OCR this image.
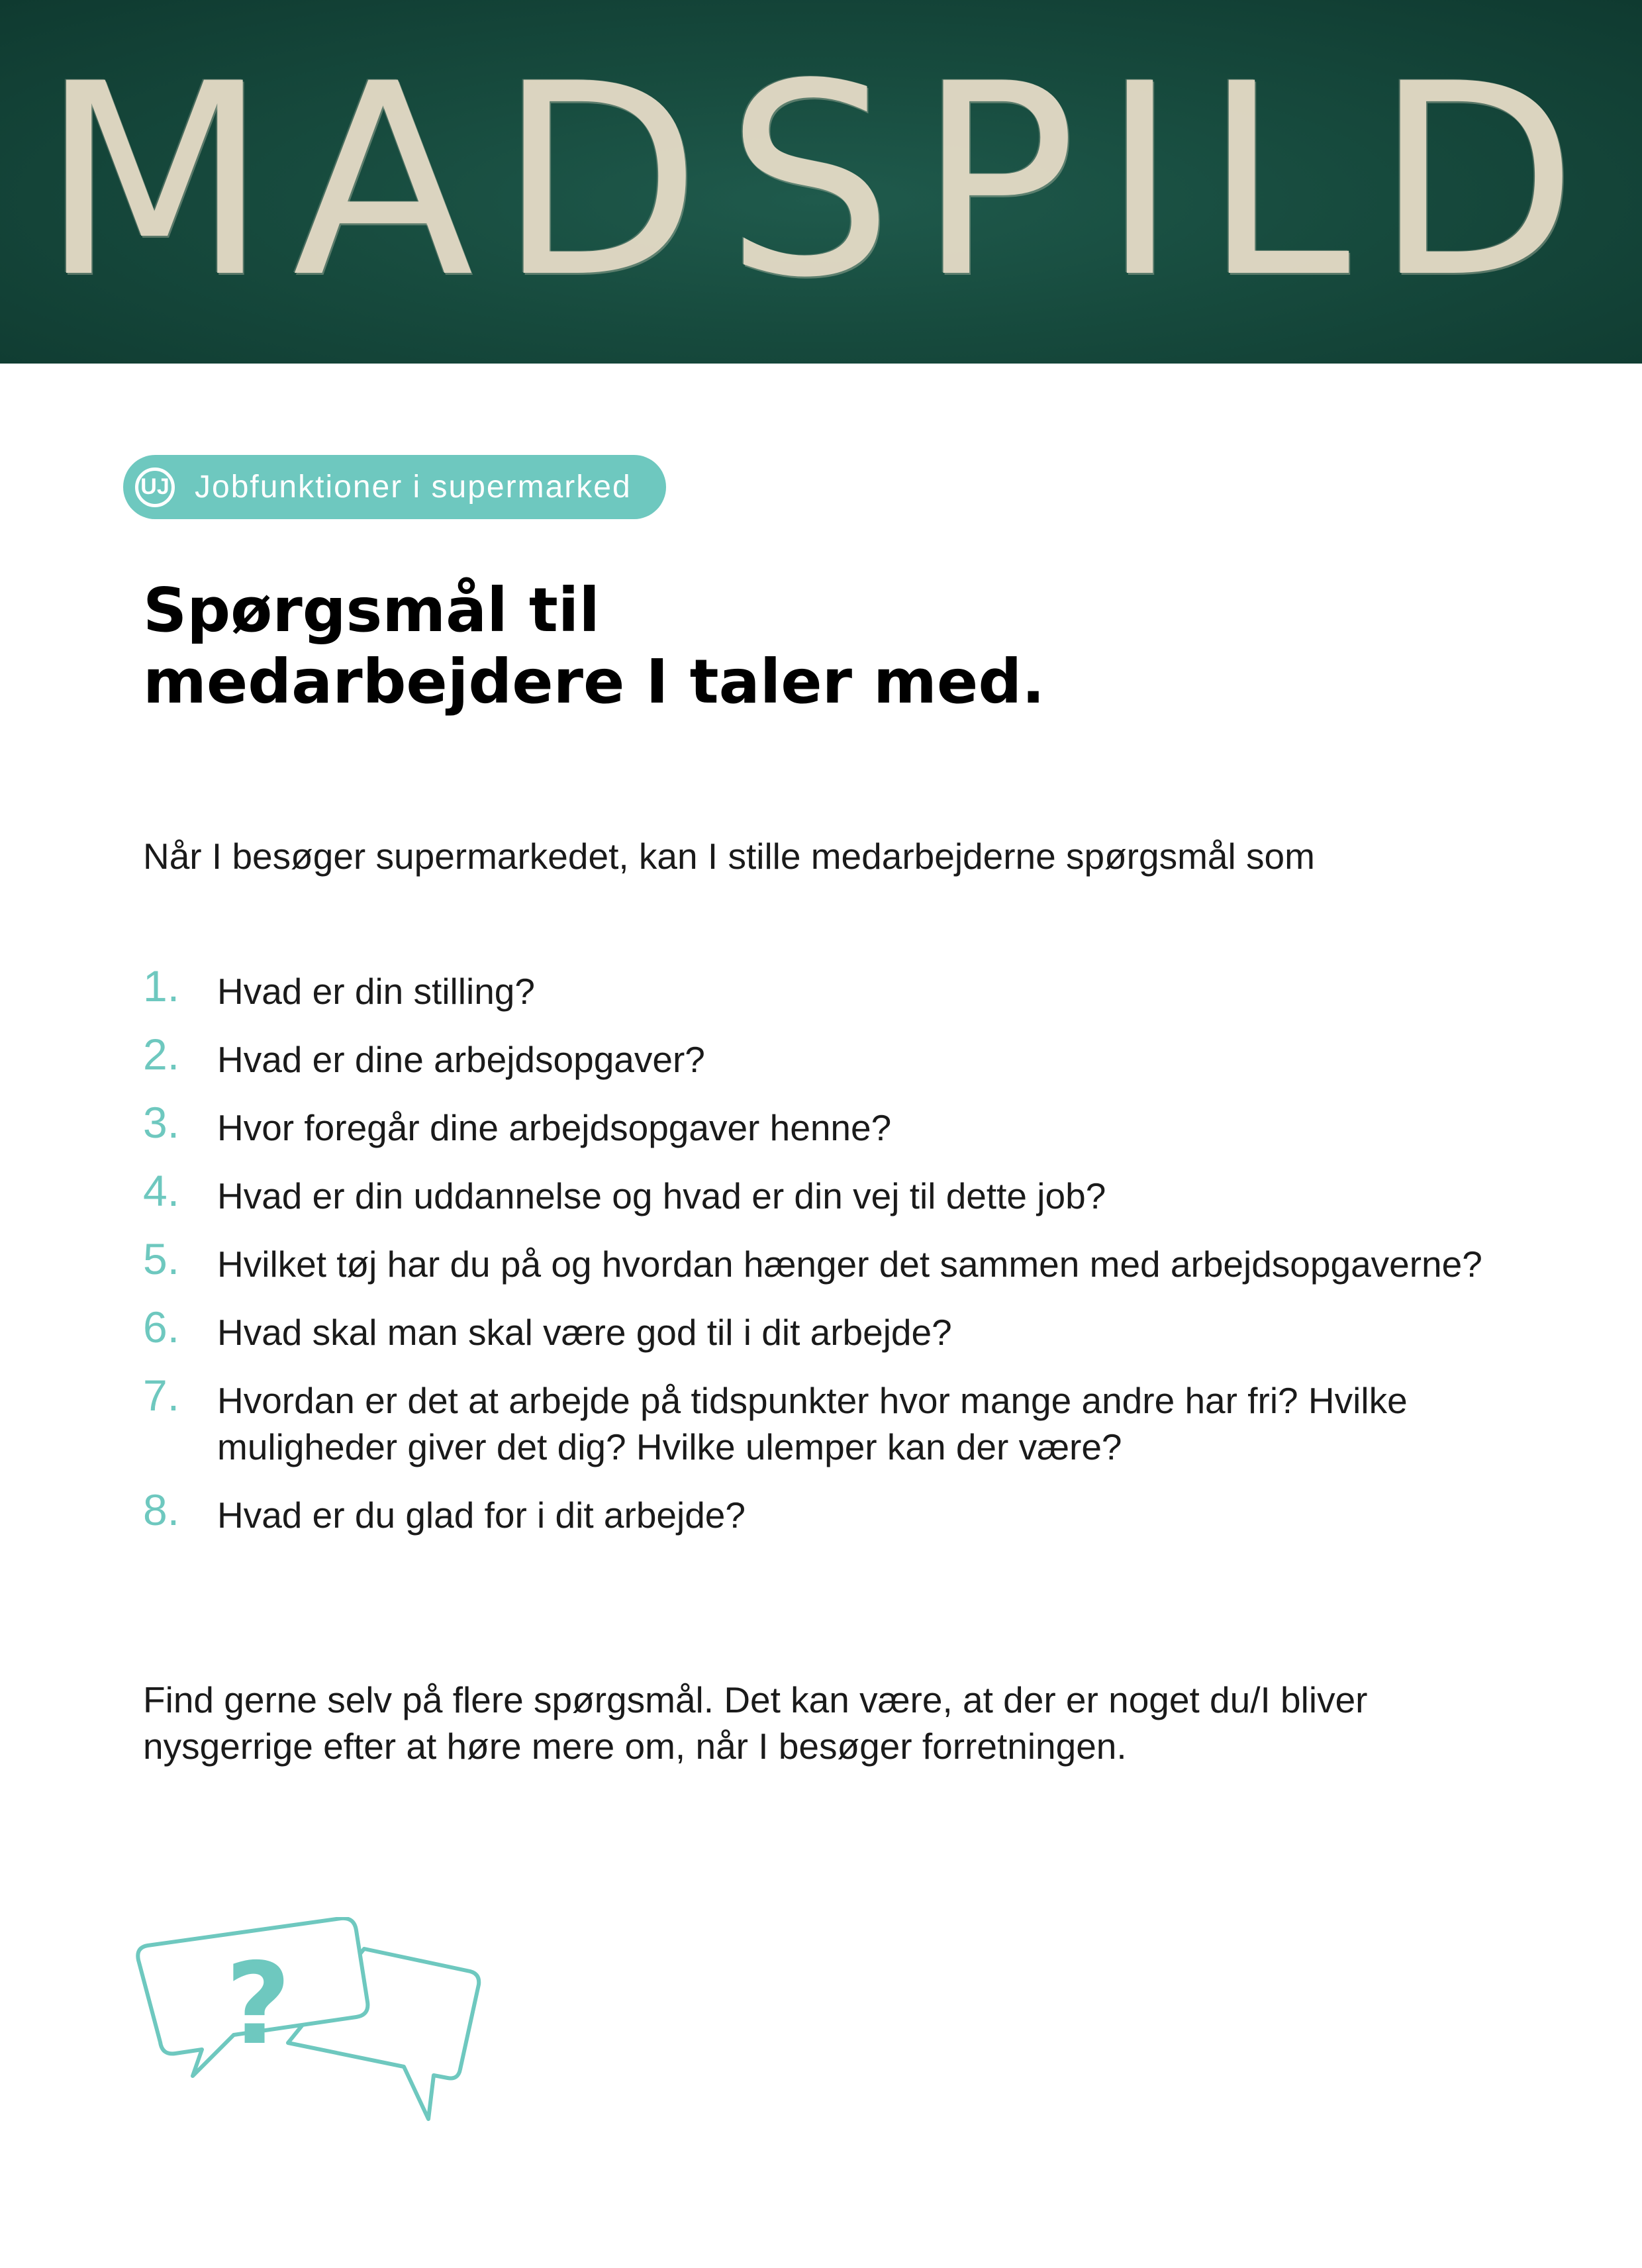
MADSPILD
UJ Jobfunktioner i supermarked
Spørgsmål til
medarbejdere I taler med.

Når I besøger supermarkedet, kan I stille medarbejderne spørgsmål som

1. Hvad er din stilling?
2. Hvad er dine arbejdsopgaver?
3. Hvor foregår dine arbejdsopgaver henne?
4. Hvad er din uddannelse og hvad er din vej til dette job?
5. Hvilket tøj har du på og hvordan hænger det sammen med arbejdsopgaverne?
6. Hvad skal man skal være god til i dit arbejde?
7. Hvordan er det at arbejde på tidspunkter hvor mange andre har fri? Hvilke muligheder giver det dig? Hvilke ulemper kan der være?
8. Hvad er du glad for i dit arbejde?

Find gerne selv på flere spørgsmål. Det kan være, at der er noget du/I bliver nysgerrige efter at høre mere om, når I besøger forretningen.

?
